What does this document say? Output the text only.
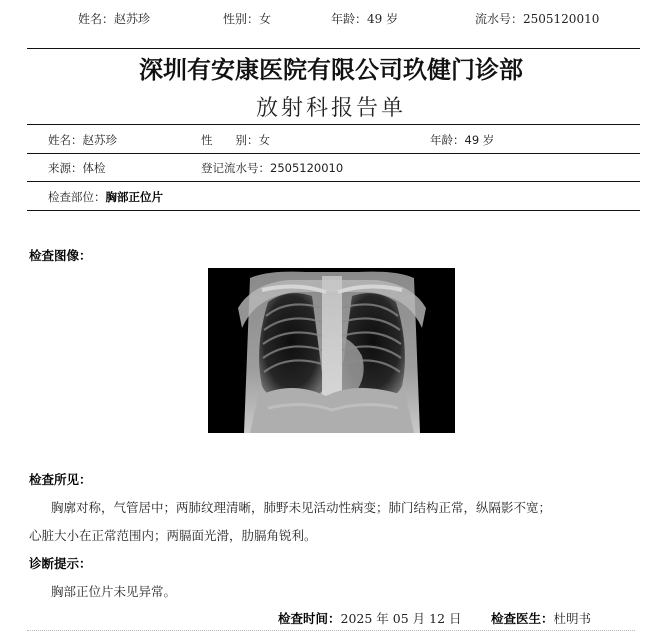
姓名：赵苏珍	性别：女	年龄：49 岁	流水号：2505120010
深圳有安康医院有限公司玖健门诊部
放射科报告单
姓名：赵苏珍	性　　别：女	年龄：49 岁
来源：体检	登记流水号：2505120010
检查部位：胸部正位片
检查图像：
检查所见：
胸廓对称，气管居中；两肺纹理清晰，肺野未见活动性病变；肺门结构正常，纵隔影不宽；
心脏大小在正常范围内；两膈面光滑，肋膈角锐利。
诊断提示：
胸部正位片未见异常。
检查时间：2025 年 05 月 12 日 检查医生：杜明书
